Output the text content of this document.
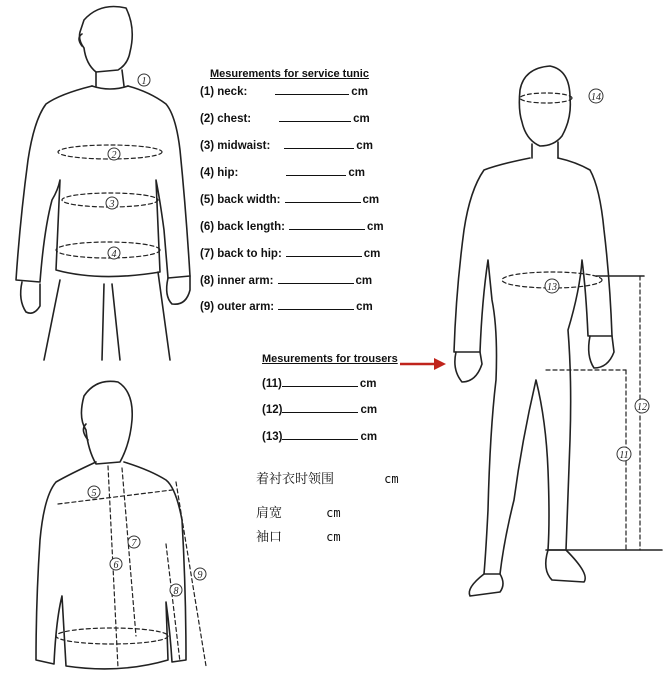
1
2
3
4
5
6
7
8
9
14
13
12
11
Mesurements for service tunic
(1) neck:	cm
(2) chest:	cm
(3) midwaist:	cm
(4) hip:	cm
(5) back width:	cm
(6) back length:	cm
(7) back to hip:	cm
(8) inner arm:	cm
(9) outer arm:	cm
Mesurements for trousers
(11)	cm
(12)	cm
(13)	cm
着衬衣时领围	cm
肩宽	cm
袖口	cm
